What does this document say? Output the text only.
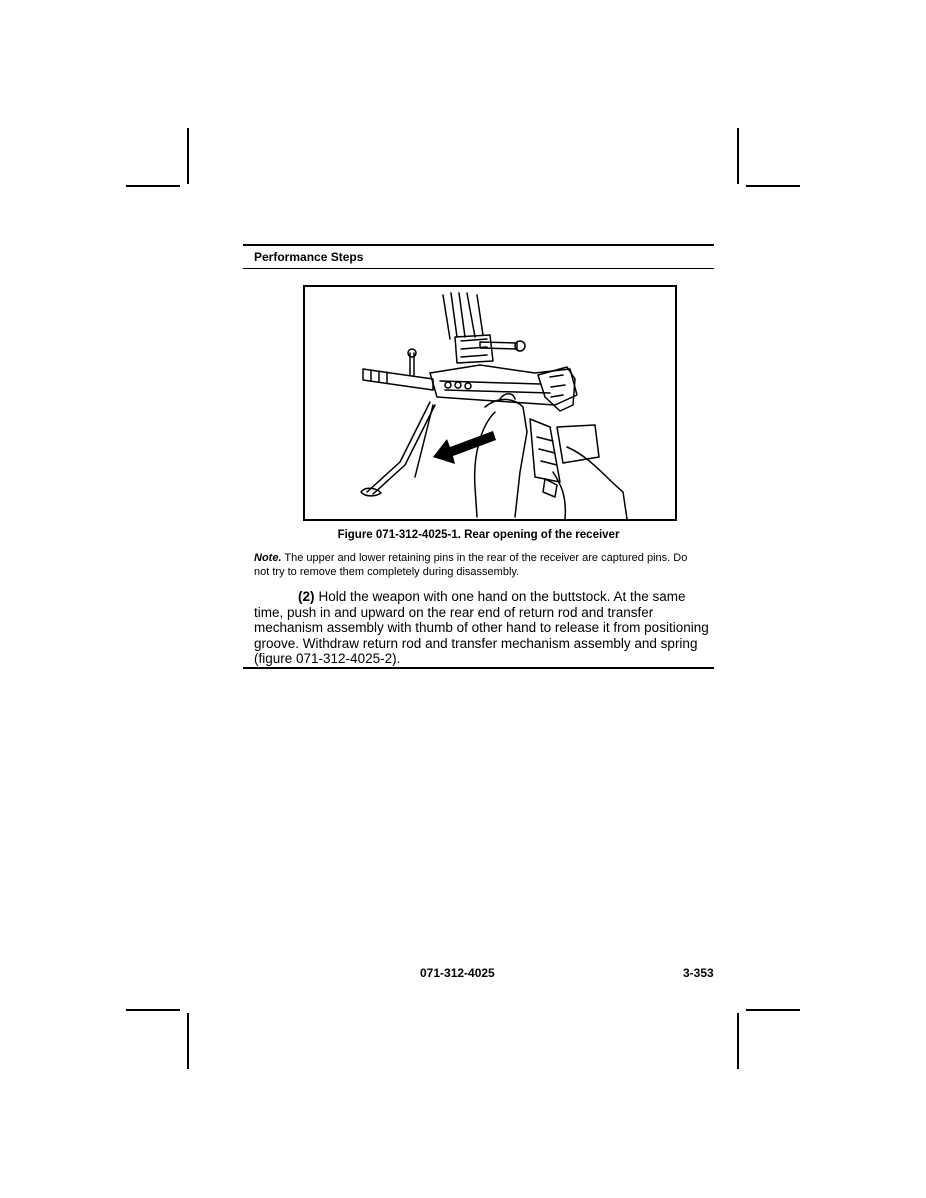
Performance Steps
Figure 071-312-4025-1. Rear opening of the receiver
Note. The upper and lower retaining pins in the rear of the receiver are captured pins. Do not try to remove them completely during disassembly.
(2) Hold the weapon with one hand on the buttstock. At the same time, push in and upward on the rear end of return rod and transfer mechanism assembly with thumb of other hand to release it from positioning groove. Withdraw return rod and transfer mechanism assembly and spring (figure 071-312-4025-2).
071-312-4025	3-353
